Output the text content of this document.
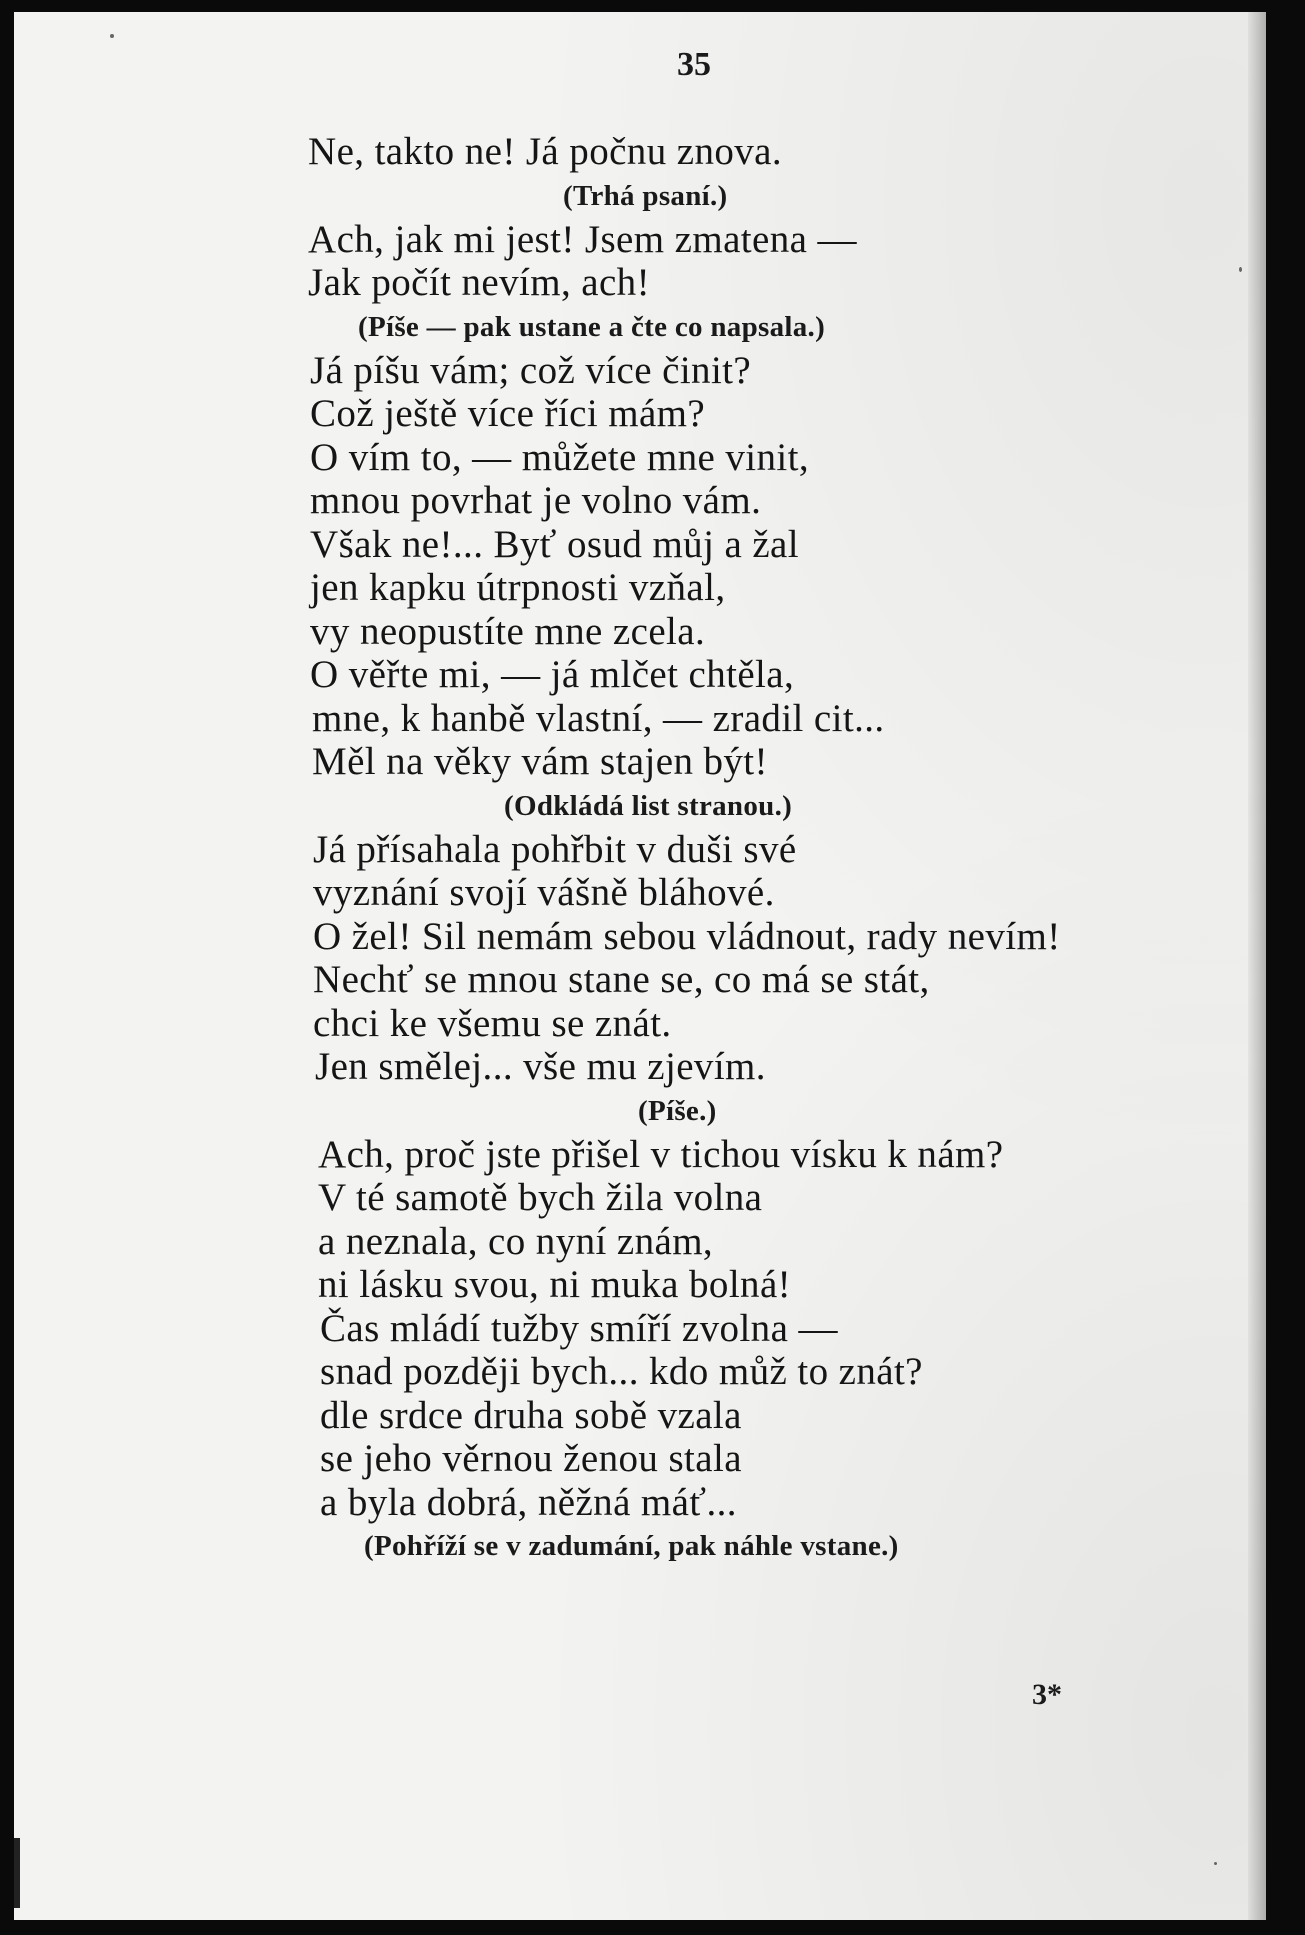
35
Ne, takto ne! Já počnu znova.
(Trhá psaní.)
Ach, jak mi jest! Jsem zmatena —
Jak počít nevím, ach!
(Píše — pak ustane a čte co napsala.)
Já píšu vám; což více činit?
Což ještě více říci mám?
O vím to, — můžete mne vinit,
mnou povrhat je volno vám.
Však ne!... Byť osud můj a žal
jen kapku útrpnosti vzňal,
vy neopustíte mne zcela.
O věřte mi, — já mlčet chtěla,
mne, k hanbě vlastní, — zradil cit...
Měl na věky vám stajen být!
(Odkládá list stranou.)
Já přísahala pohřbit v duši své
vyznání svojí vášně bláhové.
O žel! Sil nemám sebou vládnout, rady nevím!
Nechť se mnou stane se, co má se stát,
chci ke všemu se znát.
Jen smělej... vše mu zjevím.
(Píše.)
Ach, proč jste přišel v tichou vísku k nám?
V té samotě bych žila volna
a neznala, co nyní znám,
ni lásku svou, ni muka bolná!
Čas mládí tužby smíří zvolna —
snad později bych... kdo můž to znát?
dle srdce druha sobě vzala
se jeho věrnou ženou stala
a byla dobrá, něžná máť...
(Pohříží se v zadumání, pak náhle vstane.)
3*
